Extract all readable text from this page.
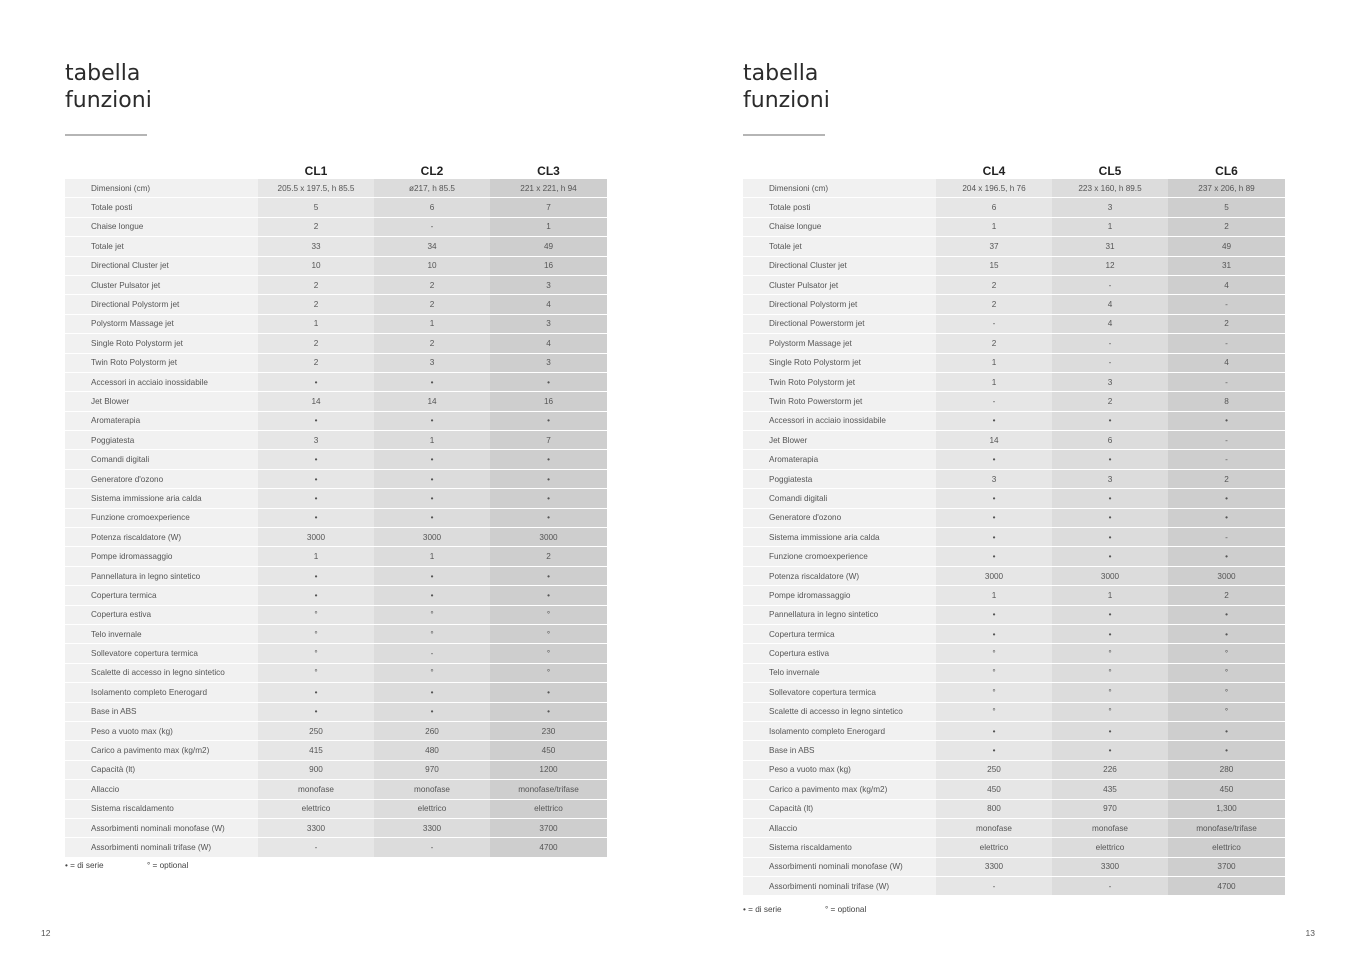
tabella
funzioni
	CL1	CL2	CL3
Dimensioni (cm)	205.5 x 197.5, h 85.5	ø217, h 85.5	221 x 221, h 94
Totale posti	5	6	7
Chaise longue	2	-	1
Totale jet	33	34	49
Directional Cluster jet	10	10	16
Cluster Pulsator jet	2	2	3
Directional Polystorm jet	2	2	4
Polystorm Massage jet	1	1	3
Single Roto Polystorm jet	2	2	4
Twin Roto Polystorm jet	2	3	3
Accessori in acciaio inossidabile	•	•	•
Jet Blower	14	14	16
Aromaterapia	•	•	•
Poggiatesta	3	1	7
Comandi digitali	•	•	•
Generatore d'ozono	•	•	•
Sistema immissione aria calda	•	•	•
Funzione cromoexperience	•	•	•
Potenza riscaldatore (W)	3000	3000	3000
Pompe idromassaggio	1	1	2
Pannellatura in legno sintetico	•	•	•
Copertura termica	•	•	•
Copertura estiva	°	°	°
Telo invernale	°	°	°
Sollevatore copertura termica	°	-	°
Scalette di accesso in legno sintetico	°	°	°
Isolamento completo Enerogard	•	•	•
Base in ABS	•	•	•
Peso a vuoto max (kg)	250	260	230
Carico a pavimento max (kg/m2)	415	480	450
Capacità (lt)	900	970	1200
Allaccio	monofase	monofase	monofase/trifase
Sistema riscaldamento	elettrico	elettrico	elettrico
Assorbimenti nominali monofase (W)	3300	3300	3700
Assorbimenti nominali trifase (W)	-	-	4700
• = di serie	° = optional
12
tabella
funzioni
	CL4	CL5	CL6
Dimensioni (cm)	204 x 196.5, h 76	223 x 160, h 89.5	237 x 206, h 89
Totale posti	6	3	5
Chaise longue	1	1	2
Totale jet	37	31	49
Directional Cluster jet	15	12	31
Cluster Pulsator jet	2	-	4
Directional Polystorm jet	2	4	-
Directional Powerstorm jet	-	4	2
Polystorm Massage jet	2	-	-
Single Roto Polystorm jet	1	-	4
Twin Roto Polystorm jet	1	3	-
Twin Roto Powerstorm jet	-	2	8
Accessori in acciaio inossidabile	•	•	•
Jet Blower	14	6	-
Aromaterapia	•	•	-
Poggiatesta	3	3	2
Comandi digitali	•	•	•
Generatore d'ozono	•	•	•
Sistema immissione aria calda	•	•	-
Funzione cromoexperience	•	•	•
Potenza riscaldatore (W)	3000	3000	3000
Pompe idromassaggio	1	1	2
Pannellatura in legno sintetico	•	•	•
Copertura termica	•	•	•
Copertura estiva	°	°	°
Telo invernale	°	°	°
Sollevatore copertura termica	°	°	°
Scalette di accesso in legno sintetico	°	°	°
Isolamento completo Enerogard	•	•	•
Base in ABS	•	•	•
Peso a vuoto max (kg)	250	226	280
Carico a pavimento max (kg/m2)	450	435	450
Capacità (lt)	800	970	1,300
Allaccio	monofase	monofase	monofase/trifase
Sistema riscaldamento	elettrico	elettrico	elettrico
Assorbimenti nominali monofase (W)	3300	3300	3700
Assorbimenti nominali trifase (W)	-	-	4700
• = di serie	° = optional
13
